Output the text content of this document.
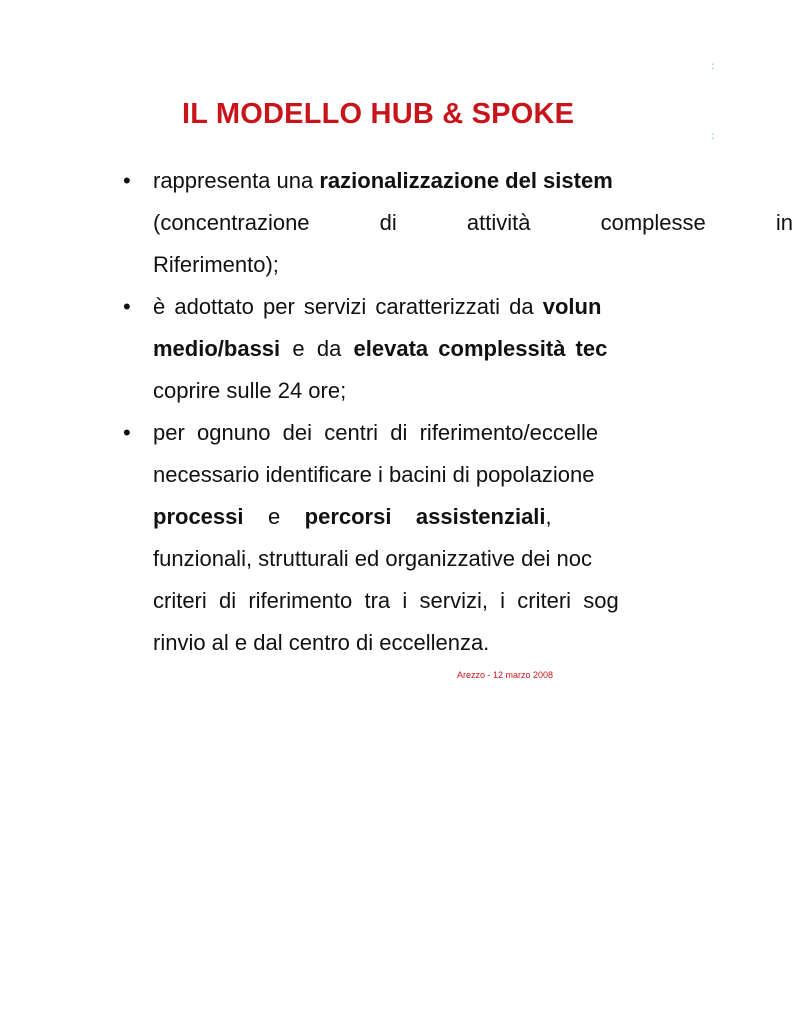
s
p
s
p
IL MODELLO HUB & SPOKE
• rappresenta una razionalizzazione del sistem
(concentrazione di attività complesse in
Riferimento);
• è adottato per servizi caratterizzati da volun
medio/bassi  e  da  elevata complessità tec
coprire sulle 24 ore;
• per  ognuno  dei  centri  di  riferimento/eccelle
necessario identificare i bacini di popolazione
processi    e    percorsi    assistenziali,
funzionali, strutturali ed organizzative dei noc
criteri  di  riferimento  tra  i  servizi,  i  criteri  sog
rinvio al e dal centro di eccellenza.
Arezzo - 12 marzo 2008
